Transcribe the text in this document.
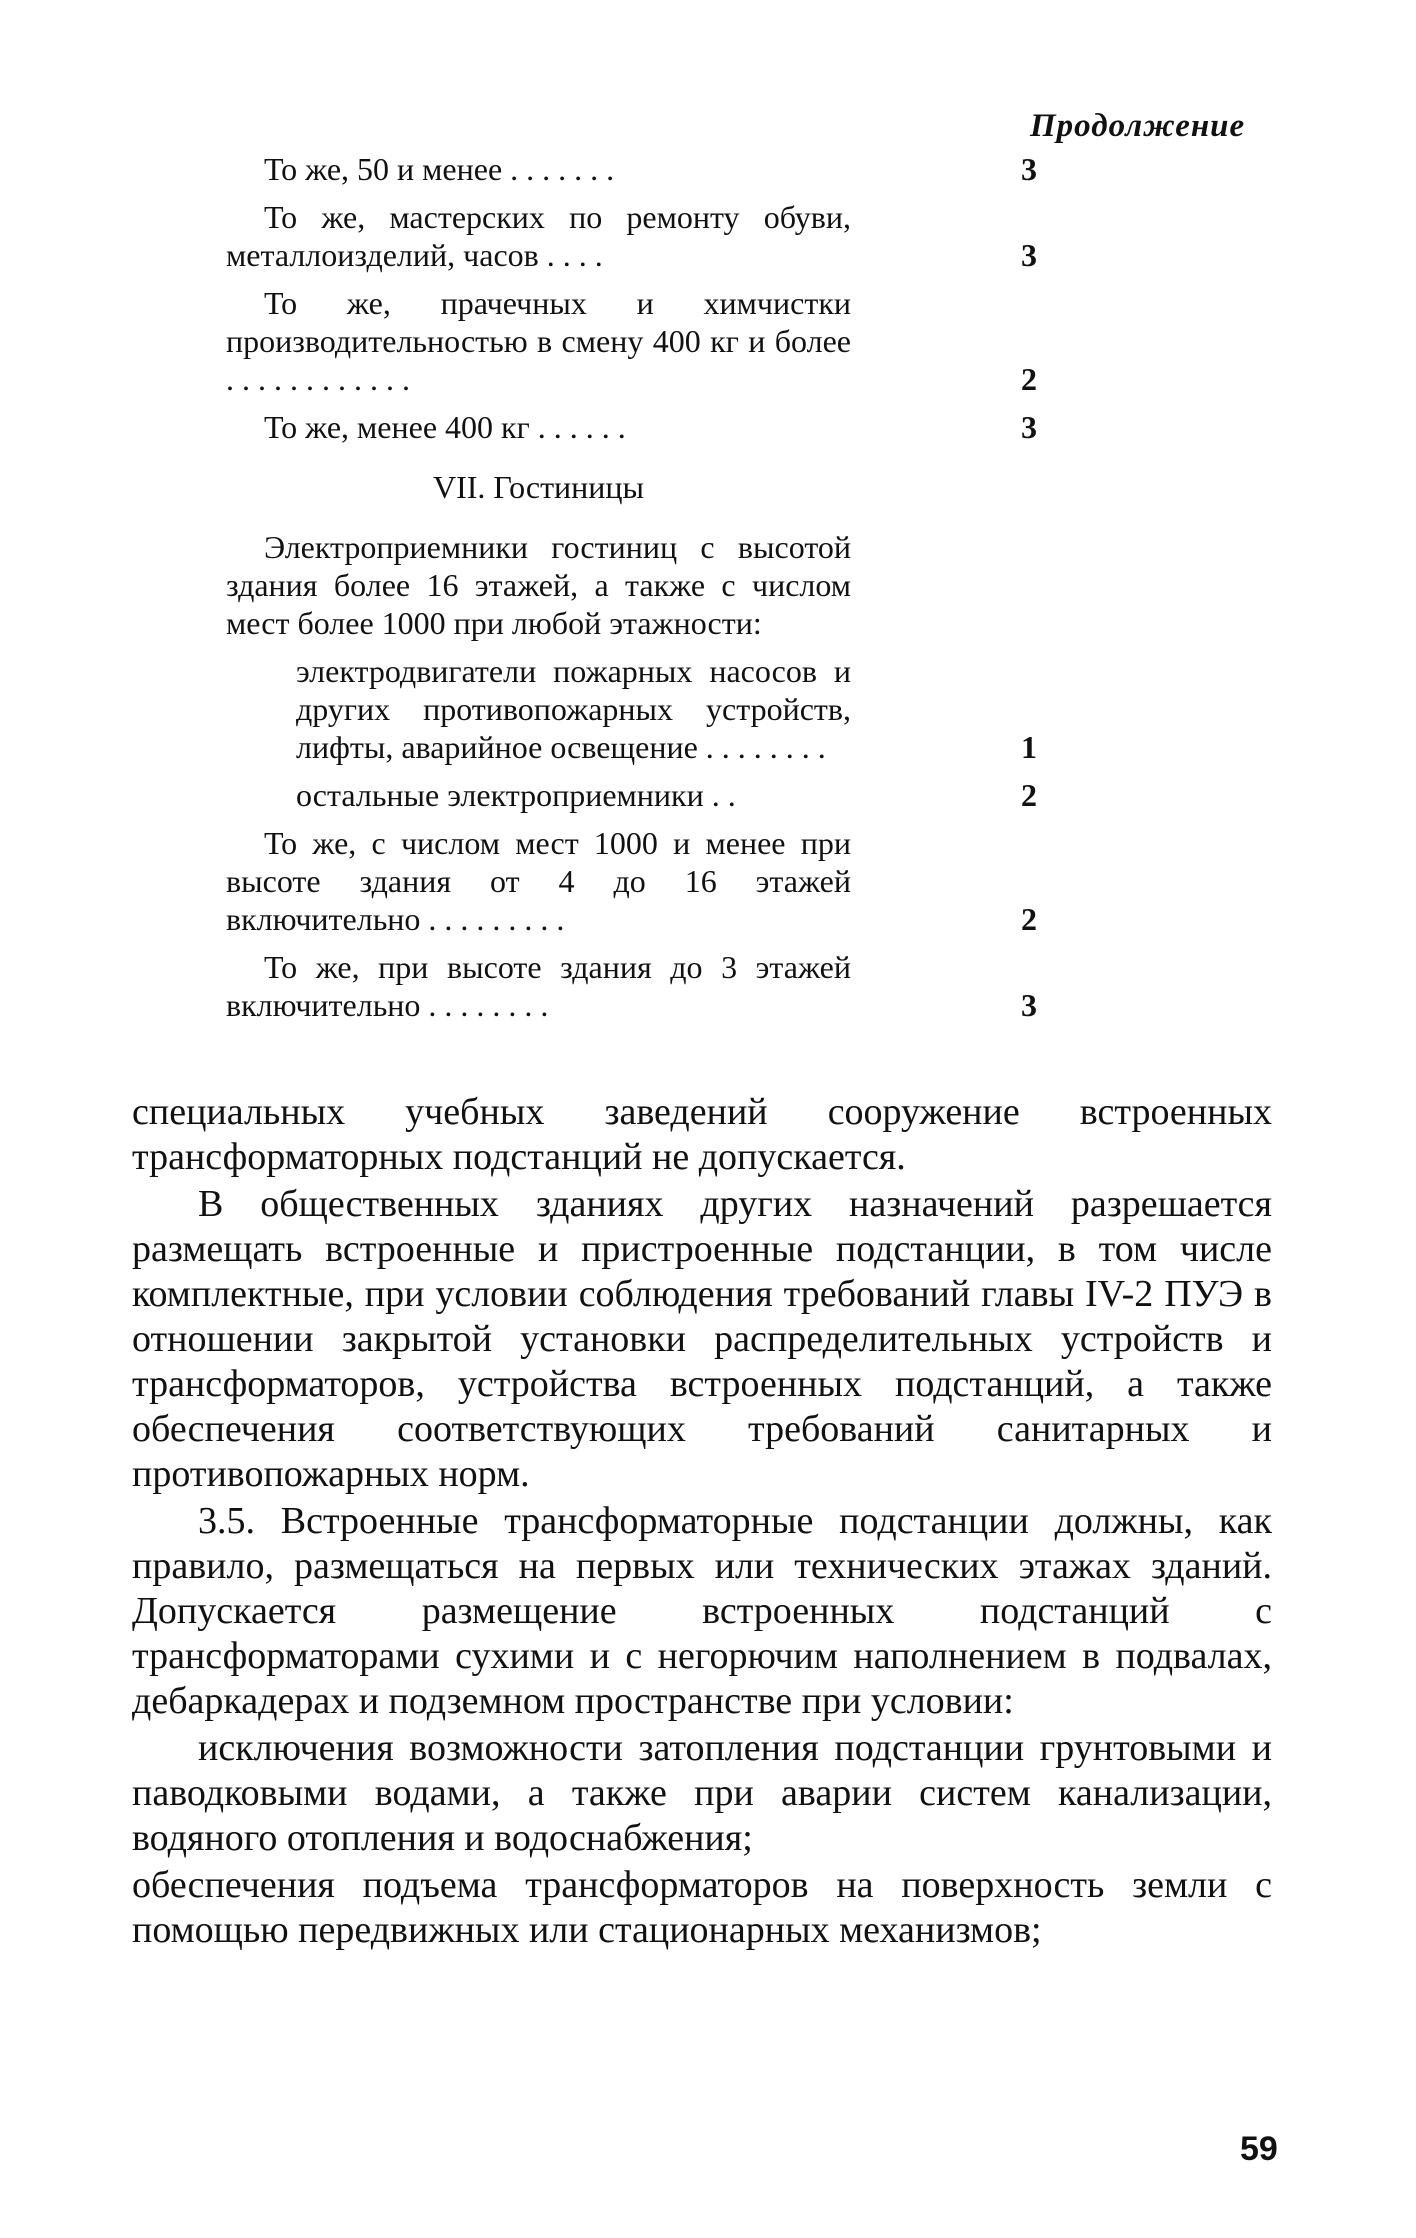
Продолжение
То же, 50 и менее . . . . . . .	3
То же, мастерских по ремонту обуви, металлоизделий, часов . . . .	3
То же, прачечных и химчистки производительностью в смену 400 кг и более . . . . . . . . . . . .	2
То же, менее 400 кг . . . . . .	3
VII. Гостиницы
Электроприемники гостиниц с высотой здания более 16 этажей, а также с числом мест более 1000 при любой этажности:
электродвигатели пожарных насосов и других противопожарных устройств, лифты, аварийное освещение . . . . . . . .	1
остальные электроприемники . .	2
То же, с числом мест 1000 и менее при высоте здания от 4 до 16 этажей включительно . . . . . . . . .	2
То же, при высоте здания до 3 этажей включительно . . . . . . . .	3

специальных учебных заведений сооружение встроенных трансформаторных подстанций не допускается.

В общественных зданиях других назначений разрешается размещать встроенные и пристроенные подстанции, в том числе комплектные, при условии соблюдения требований главы IV-2 ПУЭ в отношении закрытой установки распределительных устройств и трансформаторов, устройства встроенных подстанций, а также обеспечения соответствующих требований санитарных и противопожарных норм.

3.5. Встроенные трансформаторные подстанции должны, как правило, размещаться на первых или технических этажах зданий. Допускается размещение встроенных подстанций с трансформаторами сухими и с негорючим наполнением в подвалах, дебаркадерах и подземном пространстве при условии:

исключения возможности затопления подстанции грунтовыми и паводковыми водами, а также при аварии систем канализации, водяного отопления и водоснабжения;

обеспечения подъема трансформаторов на поверхность земли с помощью передвижных или стационарных механизмов;

59
